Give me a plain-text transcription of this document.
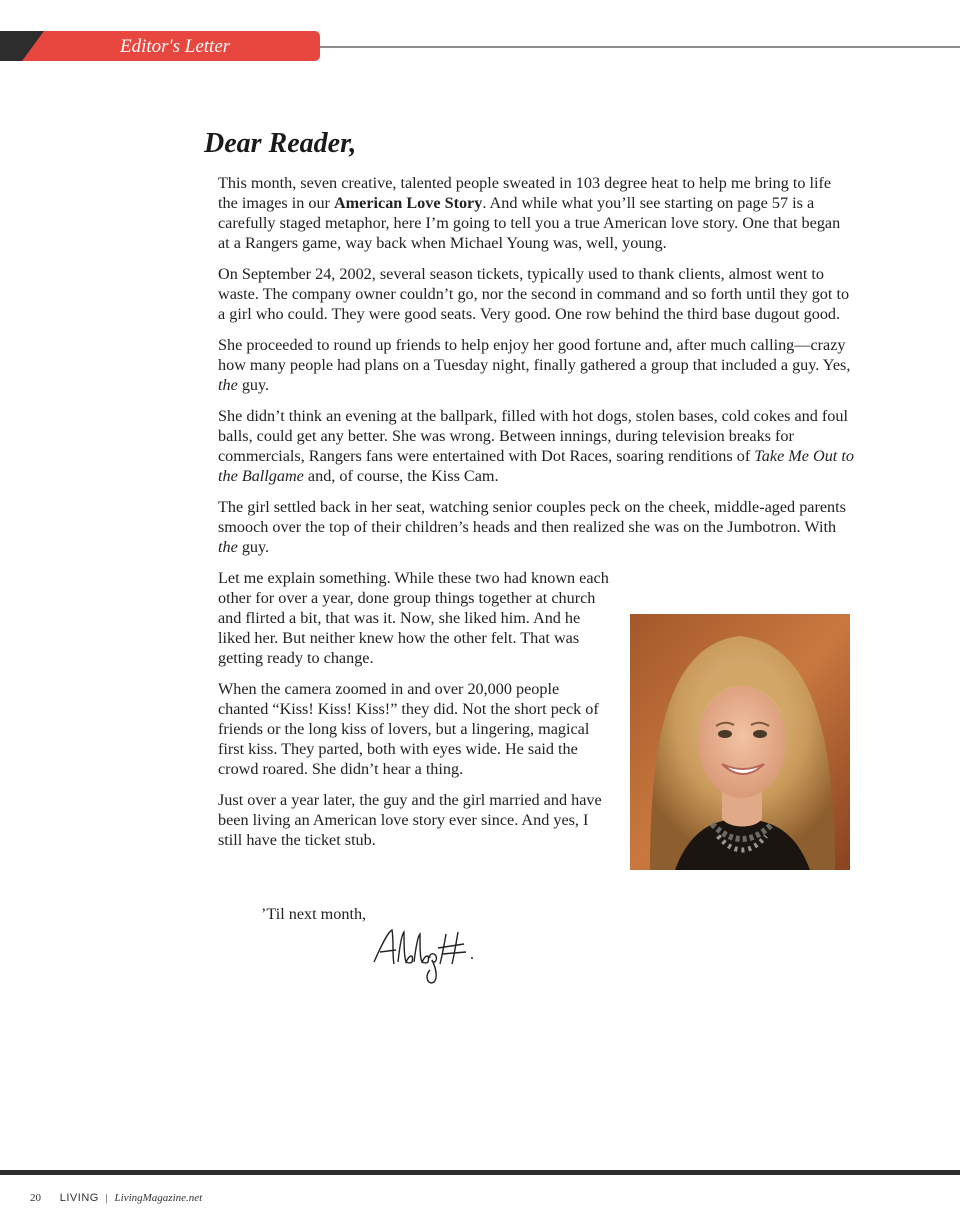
Editor's Letter
Dear Reader,

This month, seven creative, talented people sweated in 103 degree heat to help me bring to life the images in our American Love Story. And while what you’ll see starting on page 57 is a carefully staged metaphor, here I’m going to tell you a true American love story. One that began at a Rangers game, way back when Michael Young was, well, young.

On September 24, 2002, several season tickets, typically used to thank clients, almost went to waste. The company owner couldn’t go, nor the second in command and so forth until they got to a girl who could. They were good seats. Very good. One row behind the third base dugout good.

She proceeded to round up friends to help enjoy her good fortune and, after much calling—crazy how many people had plans on a Tuesday night, finally gathered a group that included a guy. Yes, the guy.

She didn’t think an evening at the ballpark, filled with hot dogs, stolen bases, cold cokes and foul balls, could get any better. She was wrong. Between innings, during television breaks for commercials, Rangers fans were entertained with Dot Races, soaring renditions of Take Me Out to the Ballgame and, of course, the Kiss Cam.

The girl settled back in her seat, watching senior couples peck on the cheek, middle-aged parents smooch over the top of their children’s heads and then realized she was on the Jumbotron. With the guy.

Let me explain something. While these two had known each other for over a year, done group things together at church and flirted a bit, that was it. Now, she liked him. And he liked her. But neither knew how the other felt. That was getting ready to change.

When the camera zoomed in and over 20,000 people chanted “Kiss! Kiss! Kiss!” they did. Not the short peck of friends or the long kiss of lovers, but a lingering, magical first kiss. They parted, both with eyes wide. He said the crowd roared. She didn’t hear a thing.

Just over a year later, the guy and the girl married and have been living an American love story ever since. And yes, I still have the ticket stub.

’Til next month,
20 LIVING | LivingMagazine.net
